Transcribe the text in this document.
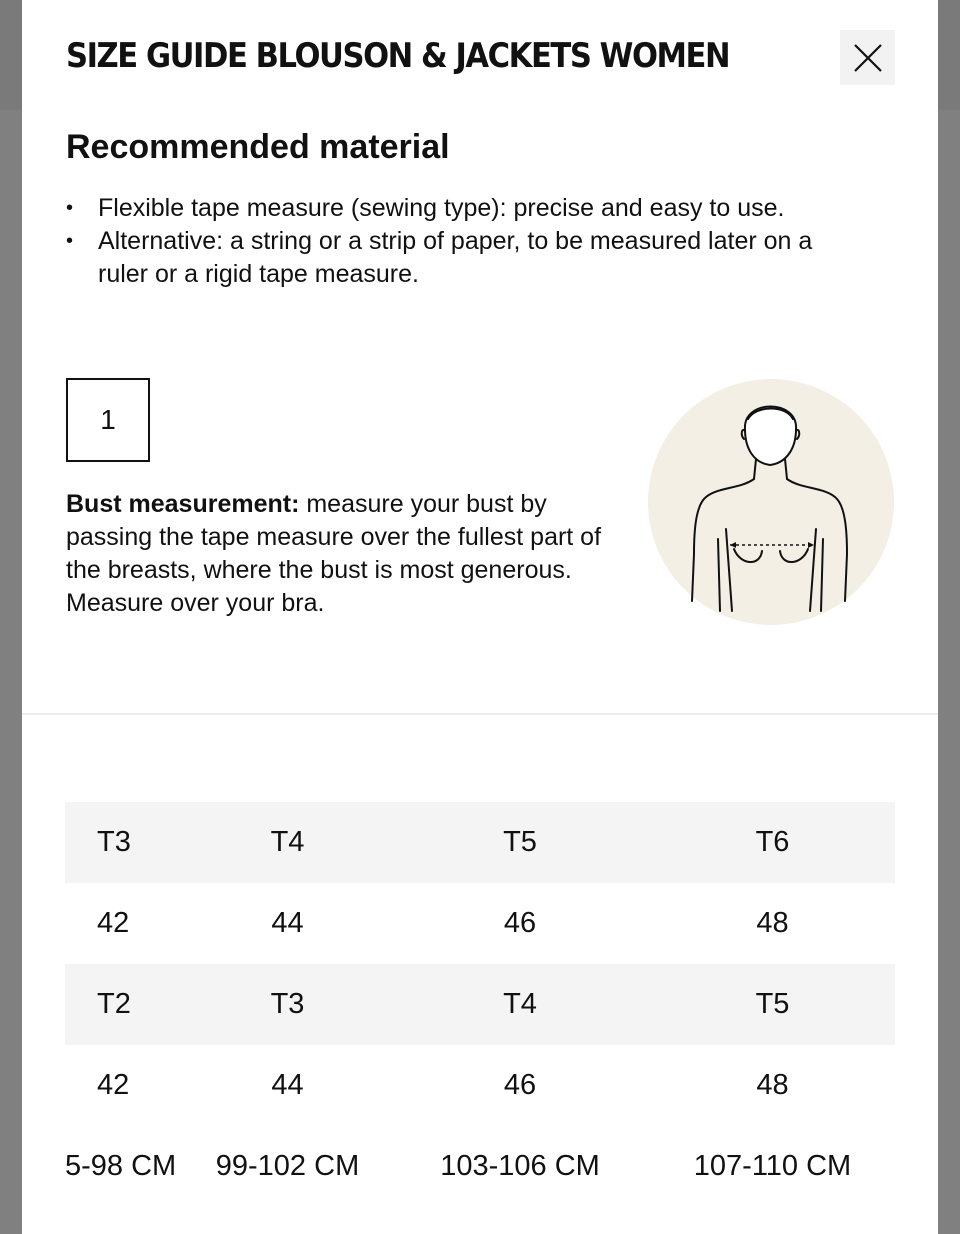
SIZE GUIDE BLOUSON & JACKETS WOMEN
Recommended material
• Flexible tape measure (sewing type): precise and easy to use.
• Alternative: a string or a strip of paper, to be measured later on a ruler or a rigid tape measure.
1

Bust measurement: measure your bust by passing the tape measure over the fullest part of the breasts, where the bust is most generous. Measure over your bra.

T3	T4	T5	T6
42	44	46	48
T2	T3	T4	T5
42	44	46	48
5-98 CM	99-102 CM	103-106 CM	107-110 CM
